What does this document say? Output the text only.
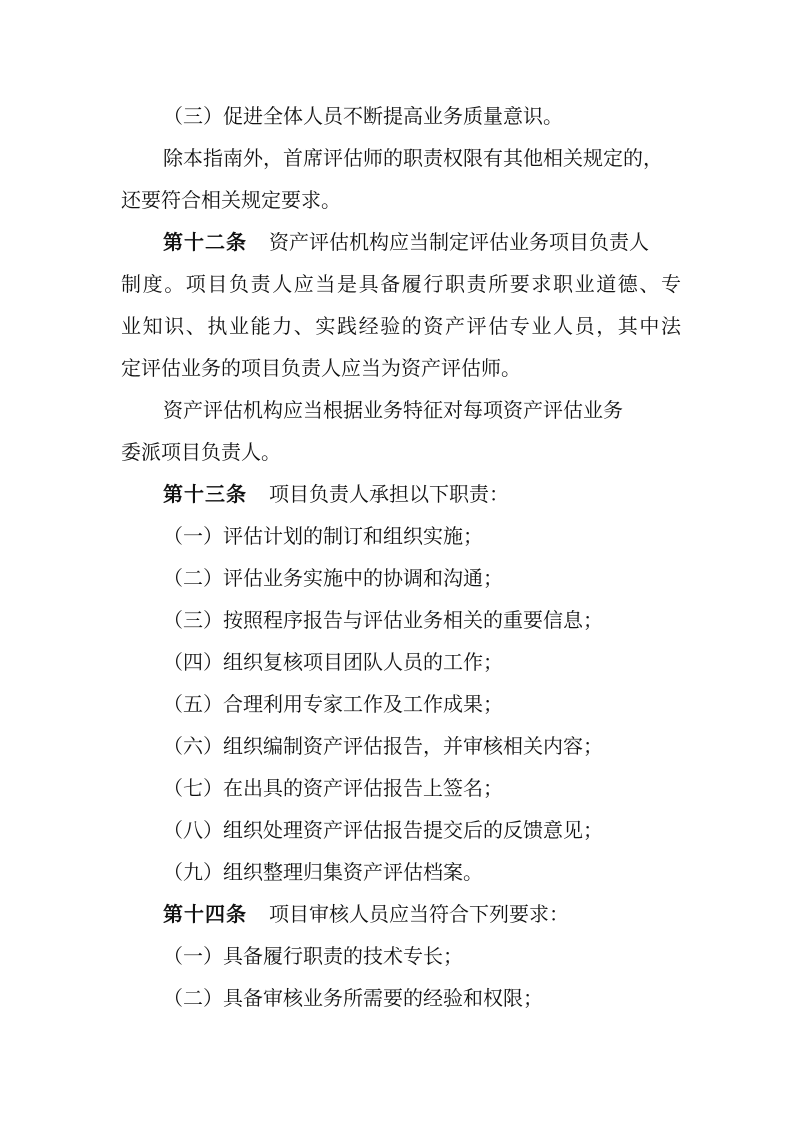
（三）促进全体人员不断提高业务质量意识。
除本指南外，首席评估师的职责权限有其他相关规定的，
还要符合相关规定要求。
第十二条 资产评估机构应当制定评估业务项目负责人
制度。项目负责人应当是具备履行职责所要求职业道德、专
业知识、执业能力、实践经验的资产评估专业人员，其中法
定评估业务的项目负责人应当为资产评估师。
资产评估机构应当根据业务特征对每项资产评估业务
委派项目负责人。
第十三条 项目负责人承担以下职责：
（一）评估计划的制订和组织实施；
（二）评估业务实施中的协调和沟通；
（三）按照程序报告与评估业务相关的重要信息；
（四）组织复核项目团队人员的工作；
（五）合理利用专家工作及工作成果；
（六）组织编制资产评估报告，并审核相关内容；
（七）在出具的资产评估报告上签名；
（八）组织处理资产评估报告提交后的反馈意见；
（九）组织整理归集资产评估档案。
第十四条 项目审核人员应当符合下列要求：
（一）具备履行职责的技术专长；
（二）具备审核业务所需要的经验和权限；
